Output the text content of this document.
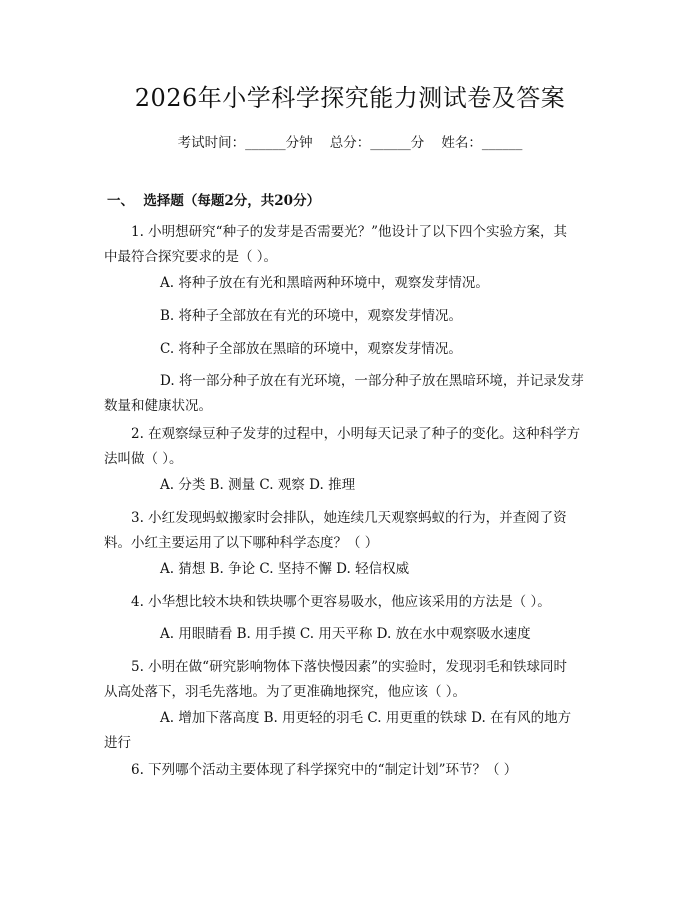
2026年小学科学探究能力测试卷及答案
考试时间：______分钟    总分：______分    姓名：______
一、  选择题（每题2分，共20分）
1. 小明想研究“种子的发芽是否需要光？”他设计了以下四个实验方案，其
中最符合探究要求的是（ ）。
A. 将种子放在有光和黑暗两种环境中，观察发芽情况。
B. 将种子全部放在有光的环境中，观察发芽情况。
C. 将种子全部放在黑暗的环境中，观察发芽情况。
D. 将一部分种子放在有光环境，一部分种子放在黑暗环境，并记录发芽
数量和健康状况。
2. 在观察绿豆种子发芽的过程中，小明每天记录了种子的变化。这种科学方
法叫做（ ）。
A. 分类 B. 测量 C. 观察 D. 推理
3. 小红发现蚂蚁搬家时会排队，她连续几天观察蚂蚁的行为，并查阅了资
料。小红主要运用了以下哪种科学态度？（ ）
A. 猜想 B. 争论 C. 坚持不懈 D. 轻信权威
4. 小华想比较木块和铁块哪个更容易吸水，他应该采用的方法是（ ）。
A. 用眼睛看 B. 用手摸 C. 用天平称 D. 放在水中观察吸水速度
5. 小明在做“研究影响物体下落快慢因素”的实验时，发现羽毛和铁球同时
从高处落下，羽毛先落地。为了更准确地探究，他应该（ ）。
A. 增加下落高度 B. 用更轻的羽毛 C. 用更重的铁球 D. 在有风的地方
进行
6. 下列哪个活动主要体现了科学探究中的“制定计划”环节？（ ）
